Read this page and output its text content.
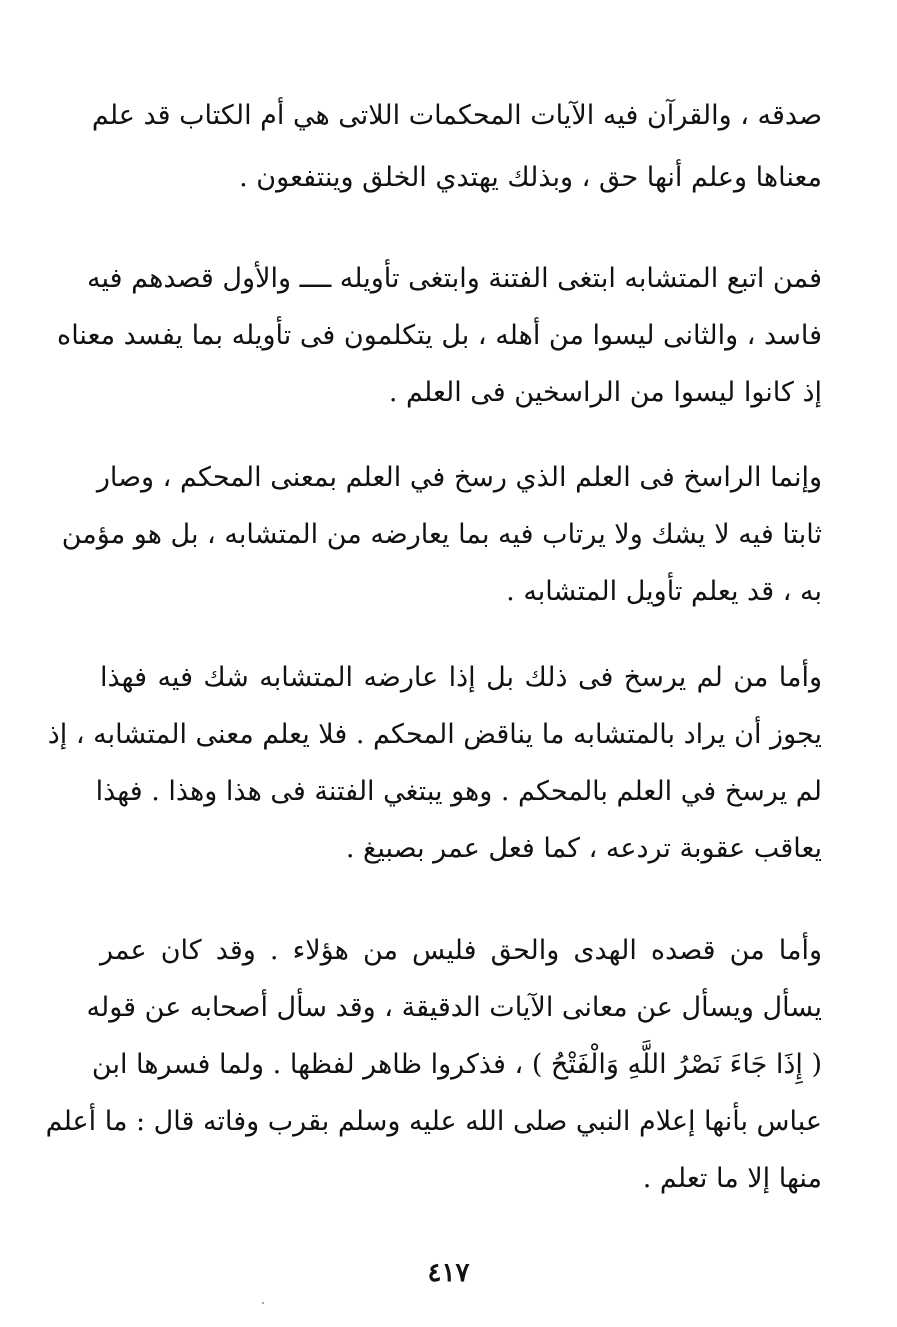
صدقه ، والقرآن فيه الآيات المحكمات اللاتى هي أم الكتاب قد علم
معناها وعلم أنها حق ، وبذلك يهتدي الخلق وينتفعون .
فمن اتبع المتشابه ابتغى الفتنة وابتغى تأويله ــــ والأول قصدهم فيه
فاسد ، والثانى ليسوا من أهله ، بل يتكلمون فى تأويله بما يفسد معناه
إذ كانوا ليسوا من الراسخين فى العلم .
وإنما الراسخ فى العلم الذي رسخ في العلم بمعنى المحكم ، وصار
ثابتا فيه لا يشك ولا يرتاب فيه بما يعارضه من المتشابه ، بل هو مؤمن
به ، قد يعلم تأويل المتشابه .
وأما من لم يرسخ فى ذلك بل إذا عارضه المتشابه شك فيه فهذا
يجوز أن يراد بالمتشابه ما يناقض المحكم . فلا يعلم معنى المتشابه ، إذ
لم يرسخ في العلم بالمحكم . وهو يبتغي الفتنة فى هذا وهذا . فهذا
يعاقب عقوبة تردعه ، كما فعل عمر بصبيغ .
وأما من قصده الهدى والحق فليس من هؤلاء . وقد كان عمر
يسأل ويسأل عن معانى الآيات الدقيقة ، وقد سأل أصحابه عن قوله
( إِذَا جَاءَ نَصْرُ اللَّهِ وَالْفَتْحُ ) ، فذكروا ظاهر لفظها . ولما فسرها ابن
عباس بأنها إعلام النبي صلى الله عليه وسلم بقرب وفاته قال : ما أعلم
منها إلا ما تعلم .
٤١٧
